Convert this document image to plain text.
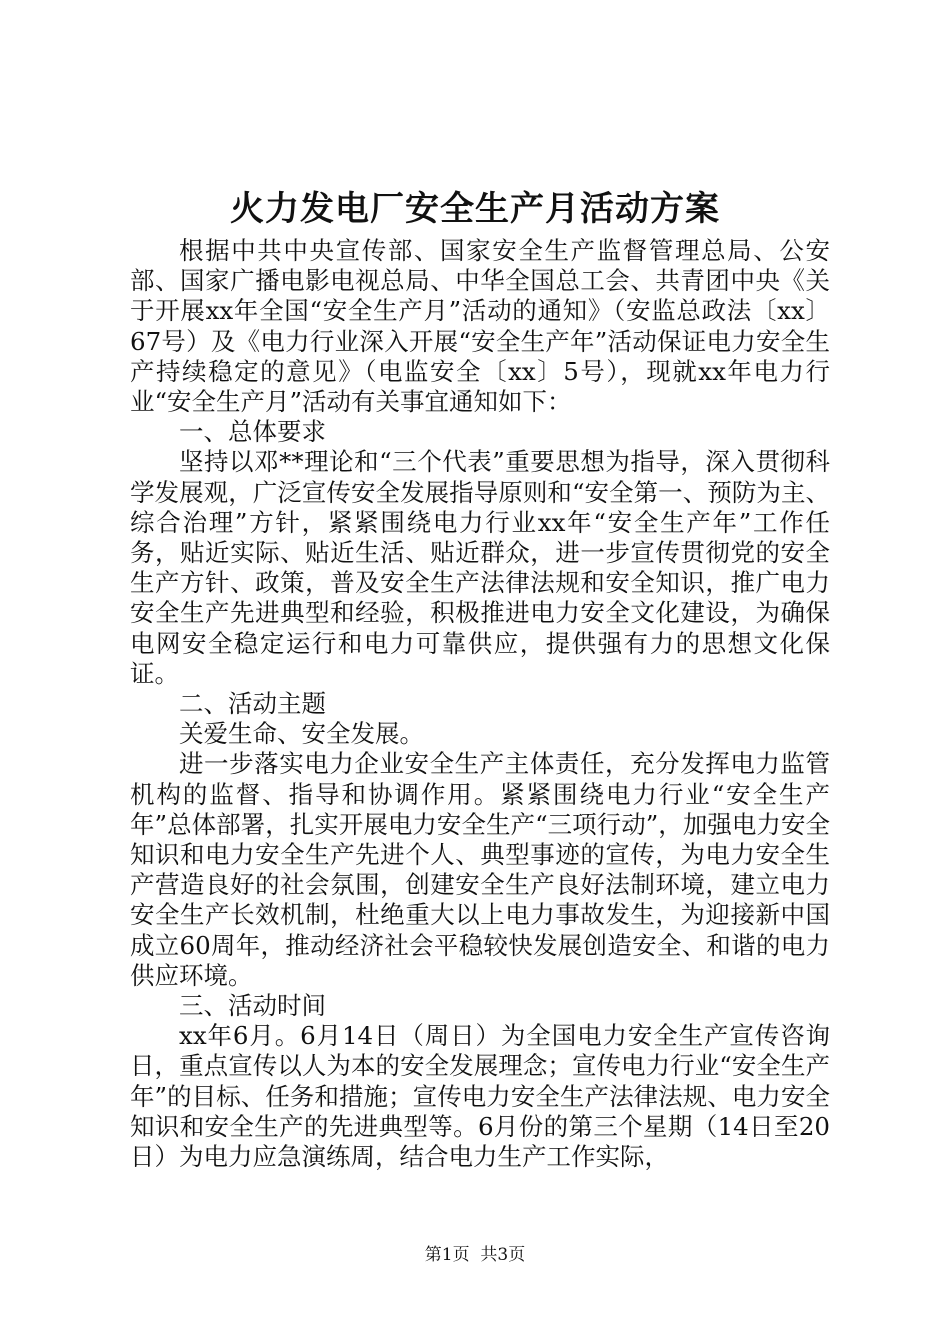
火力发电厂安全生产月活动方案

根据中共中央宣传部、国家安全生产监督管理总局、公安部、国家广播电影电视总局、中华全国总工会、共青团中央《关于开展xx年全国“安全生产月”活动的通知》（安监总政法〔xx〕67号）及《电力行业深入开展“安全生产年”活动保证电力安全生产持续稳定的意见》（电监安全〔xx〕5号），现就xx年电力行业“安全生产月”活动有关事宜通知如下：

一、总体要求

坚持以邓**理论和“三个代表”重要思想为指导，深入贯彻科学发展观，广泛宣传安全发展指导原则和“安全第一、预防为主、综合治理”方针，紧紧围绕电力行业xx年“安全生产年”工作任务，贴近实际、贴近生活、贴近群众，进一步宣传贯彻党的安全生产方针、政策，普及安全生产法律法规和安全知识，推广电力安全生产先进典型和经验，积极推进电力安全文化建设，为确保电网安全稳定运行和电力可靠供应，提供强有力的思想文化保证。

二、活动主题

关爱生命、安全发展。

进一步落实电力企业安全生产主体责任，充分发挥电力监管机构的监督、指导和协调作用。紧紧围绕电力行业“安全生产年”总体部署，扎实开展电力安全生产“三项行动”，加强电力安全知识和电力安全生产先进个人、典型事迹的宣传，为电力安全生产营造良好的社会氛围，创建安全生产良好法制环境，建立电力安全生产长效机制，杜绝重大以上电力事故发生，为迎接新中国成立60周年，推动经济社会平稳较快发展创造安全、和谐的电力供应环境。

三、活动时间

xx年6月。6月14日（周日）为全国电力安全生产宣传咨询日，重点宣传以人为本的安全发展理念；宣传电力行业“安全生产年”的目标、任务和措施；宣传电力安全生产法律法规、电力安全知识和安全生产的先进典型等。6月份的第三个星期（14日至20日）为电力应急演练周，结合电力生产工作实际，

第1页 共3页
